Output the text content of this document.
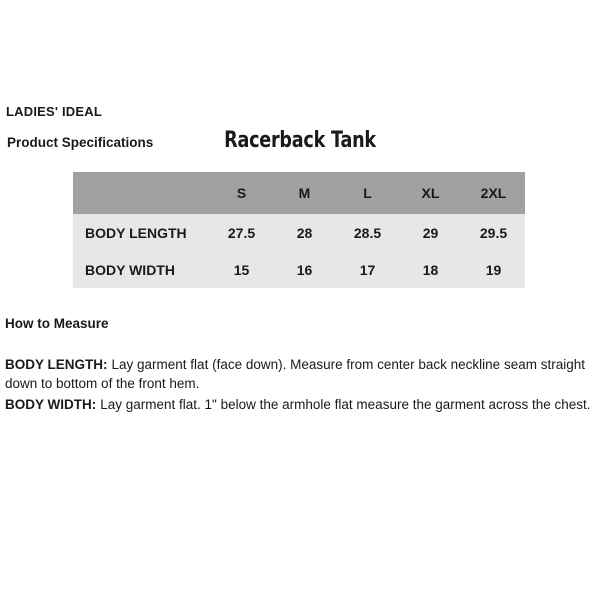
LADIES' IDEAL
Product Specifications	Racerback Tank
	S	M	L	XL	2XL
BODY LENGTH	27.5	28	28.5	29	29.5
BODY WIDTH	15	16	17	18	19
How to Measure

BODY LENGTH: Lay garment flat (face down). Measure from center back neckline seam straight down to bottom of the front hem.

BODY WIDTH: Lay garment flat. 1" below the armhole flat measure the garment across the chest.
